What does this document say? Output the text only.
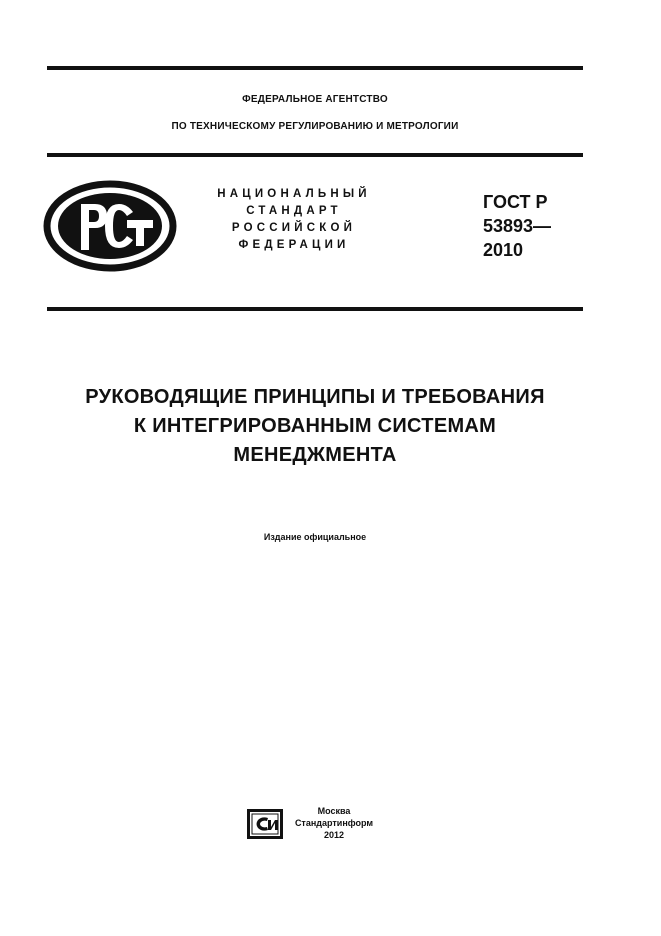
ФЕДЕРАЛЬНОЕ АГЕНТСТВО
ПО ТЕХНИЧЕСКОМУ РЕГУЛИРОВАНИЮ И МЕТРОЛОГИИ
НАЦИОНАЛЬНЫЙ
СТАНДАРТ
РОССИЙСКОЙ
ФЕДЕРАЦИИ
ГОСТ Р
53893—
2010
РУКОВОДЯЩИЕ ПРИНЦИПЫ И ТРЕБОВАНИЯ
К ИНТЕГРИРОВАННЫМ СИСТЕМАМ
МЕНЕДЖМЕНТА
Издание официальное
Москва
Стандартинформ
2012
